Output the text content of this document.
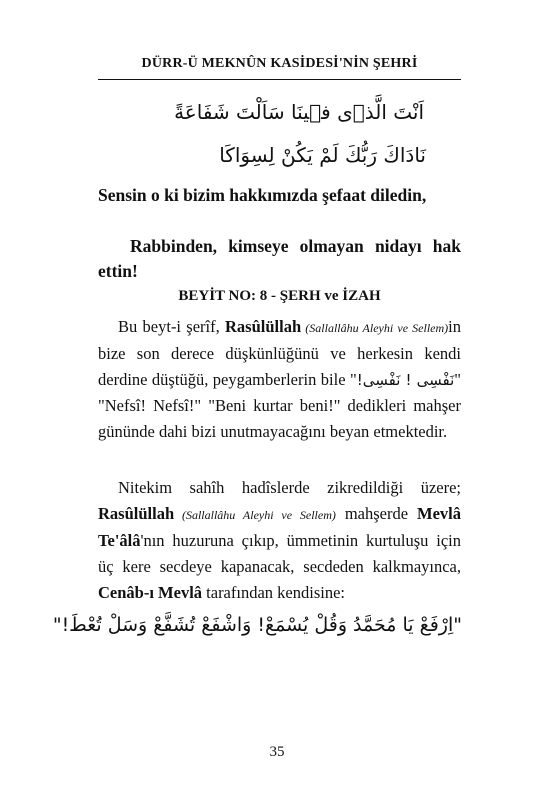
DÜRR-Ü MEKNÛN KASİDESİ'NİN ŞEHRİ
اَنْتَ الَّذ۪ى ف۪ينَا سَاَلْتَ شَفَاعَةً
نَادَاكَ رَبُّكَ لَمْ يَكُنْ لِسِوَاكَا
Sensin o ki bizim hakkımızda şefaat diledin,
Rabbinden, kimseye olmayan nidayı hak ettin!
BEYİT NO: 8 - ŞERH ve İZAH
Bu beyt-i şerîf, Rasûlüllah (Sallallâhu Aleyhi ve Sellem)in bize son derece düşkünlüğünü ve herkesin kendi derdine düştüğü, peygamberlerin bile "نَفْسِى ! نَفْسِى!" "Nefsî! Nefsî!" "Beni kurtar beni!" dedikleri mahşer gününde dahi bizi unutmayacağını beyan etmektedir.
Nitekim sahîh hadîslerde zikredildiği üzere; Rasûlüllah (Sallallâhu Aleyhi ve Sellem) mahşerde Mevlâ Te'âlâ'nın huzuruna çıkıp, ümmetinin kurtuluşu için üç kere secdeye kapanacak, secdeden kalkmayınca, Cenâb-ı Mevlâ tarafından kendisine:
"اِرْفَعْ يَا مُحَمَّدُ وَقُلْ يُسْمَعْ! وَاشْفَعْ تُشَفَّعْ وَسَلْ تُعْطَ!"
35
